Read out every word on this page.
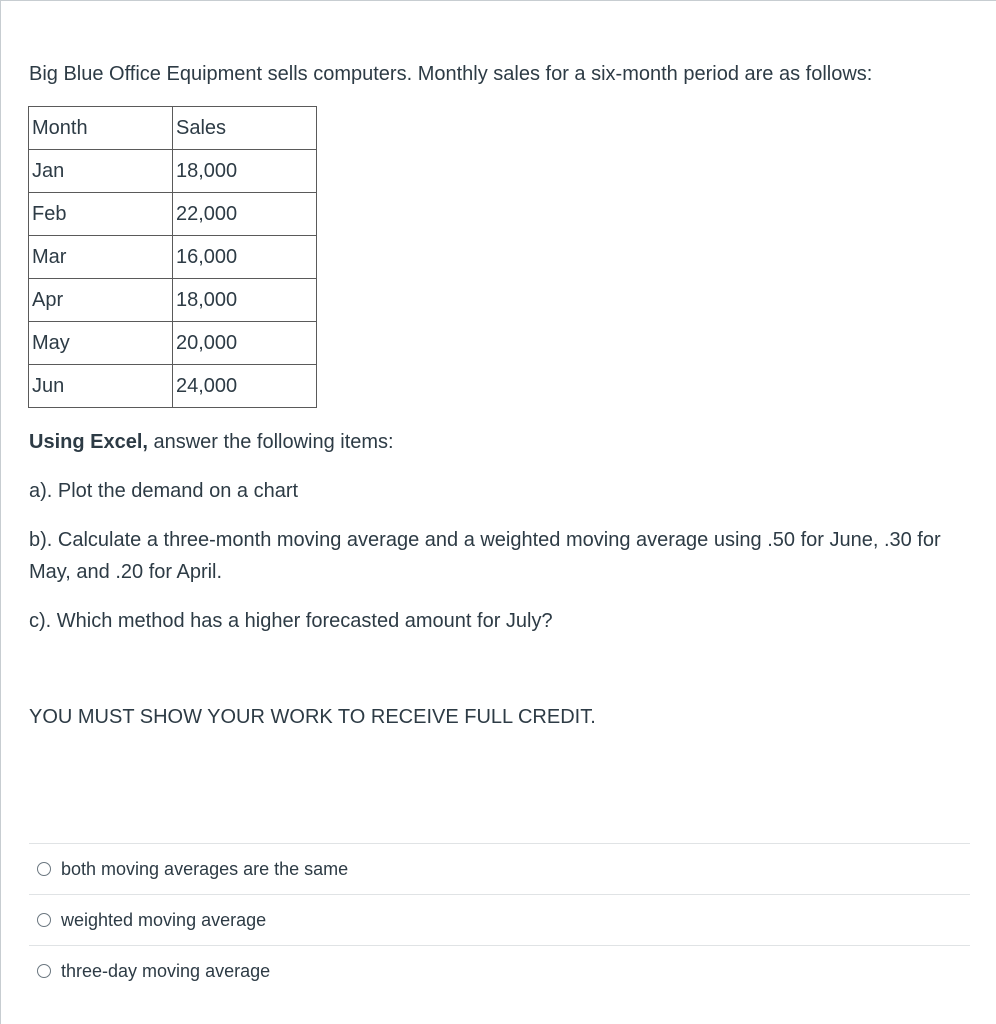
Big Blue Office Equipment sells computers. Monthly sales for a six-month period are as follows:

Month	Sales
Jan	18,000
Feb	22,000
Mar	16,000
Apr	18,000
May	20,000
Jun	24,000

Using Excel, answer the following items:

a). Plot the demand on a chart

b). Calculate a three-month moving average and a weighted moving average using .50 for June, .30 for May, and .20 for April.

c). Which method has a higher forecasted amount for July?

YOU MUST SHOW YOUR WORK TO RECEIVE FULL CREDIT.

both moving averages are the same
weighted moving average
three-day moving average
